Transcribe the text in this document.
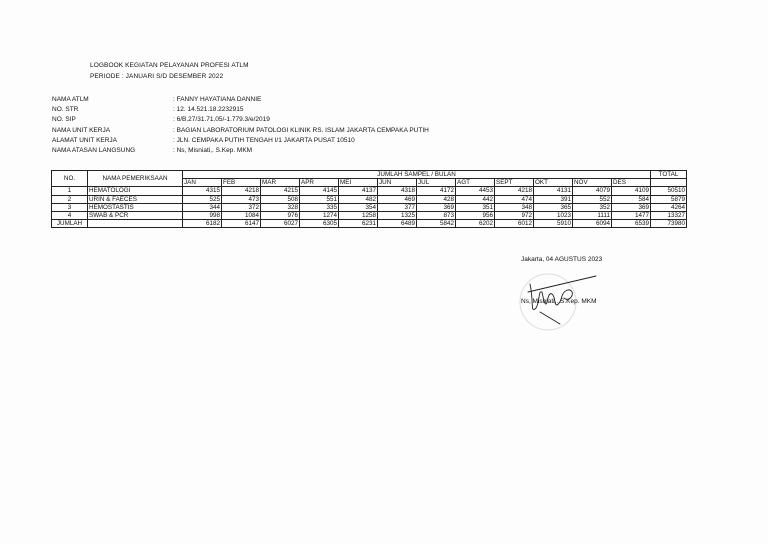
LOGBOOK KEGIATAN PELAYANAN PROFESI ATLM
PERIODE : JANUARI S/D DESEMBER 2022
NAMA ATLM	: FANNY HAYATIANA DANNIE
NO. STR	: 12. 14.521.18.2232915
NO. SIP	: 6/B.27/31.71.05/-1.779.3/e/2019
NAMA UNIT KERJA	: BAGIAN LABORATORIUM PATOLOGI KLINIK RS. ISLAM JAKARTA CEMPAKA PUTIH
ALAMAT UNIT KERJA	: JLN. CEMPAKA PUTIH TENGAH I/1 JAKARTA PUSAT 10510
NAMA ATASAN LANGSUNG	: Ns, Misniati,. S.Kep. MKM
NO.	NAMA PEMERIKSAAN	JUMLAH SAMPEL / BULAN												TOTAL
		JAN	FEB	MAR	APR	MEI	JUN	JUL	AGT	SEPT	OKT	NOV	DES	
1	HEMATOLOGI	4315	4218	4215	4145	4137	4318	4172	4453	4218	4131	4079	4109	50510
2	URIN & FAECES	525	473	508	551	482	469	428	442	474	391	552	584	5879
3	HEMOSTASTIS	344	372	328	335	354	377	369	351	348	365	352	369	4264
4	SWAB & PCR	998	1084	976	1274	1258	1325	873	956	972	1023	1111	1477	13327
JUMLAH		6182	6147	6027	6305	6231	6489	5842	6202	6012	5910	6094	6539	73980
Jakarta, 04 AGUSTUS 2023
Ns, Misniati,. S.Kep. MKM
